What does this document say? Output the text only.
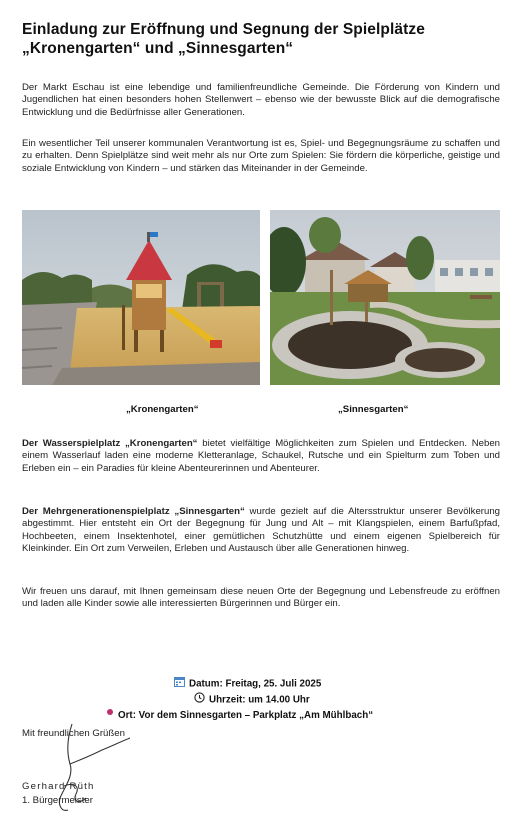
Einladung zur Eröffnung und Segnung der Spielplätze
„Kronengarten“ und „Sinnesgarten“

Der Markt Eschau ist eine lebendige und familienfreundliche Gemeinde. Die Förderung von Kindern und Jugendlichen hat einen besonders hohen Stellenwert – ebenso wie der bewusste Blick auf die demografische Entwicklung und die Bedürfnisse aller Generationen.

Ein wesentlicher Teil unserer kommunalen Verantwortung ist es, Spiel- und Begegnungsräume zu schaffen und zu erhalten. Denn Spielplätze sind weit mehr als nur Orte zum Spielen: Sie fördern die körperliche, geistige und soziale Entwicklung von Kindern – und stärken das Miteinander in der Gemeinde.

„Kronengarten“	„Sinnesgarten“

Der Wasserspielplatz „Kronengarten“ bietet vielfältige Möglichkeiten zum Spielen und Entdecken. Neben einem Wasserlauf laden eine moderne Kletteranlage, Schaukel, Rutsche und ein Spielturm zum Toben und Erleben ein – ein Paradies für kleine Abenteurerinnen und Abenteurer.

Der Mehrgenerationenspielplatz „Sinnesgarten“ wurde gezielt auf die Altersstruktur unserer Bevölkerung abgestimmt. Hier entsteht ein Ort der Begegnung für Jung und Alt – mit Klangspielen, einem Barfußpfad, Hochbeeten, einem Insektenhotel, einer gemütlichen Schutzhütte und einem eigenen Spielbereich für Kleinkinder. Ein Ort zum Verweilen, Erleben und Austausch über alle Generationen hinweg.

Wir freuen uns darauf, mit Ihnen gemeinsam diese neuen Orte der Begegnung und Lebensfreude zu eröffnen und laden alle Kinder sowie alle interessierten Bürgerinnen und Bürger ein.

Datum: Freitag, 25. Juli 2025
Uhrzeit: um 14.00 Uhr
Ort: Vor dem Sinnesgarten – Parkplatz „Am Mühlbach“
Mit freundlichen Grüßen
Gerhard Rüth
1. Bürgermeister
